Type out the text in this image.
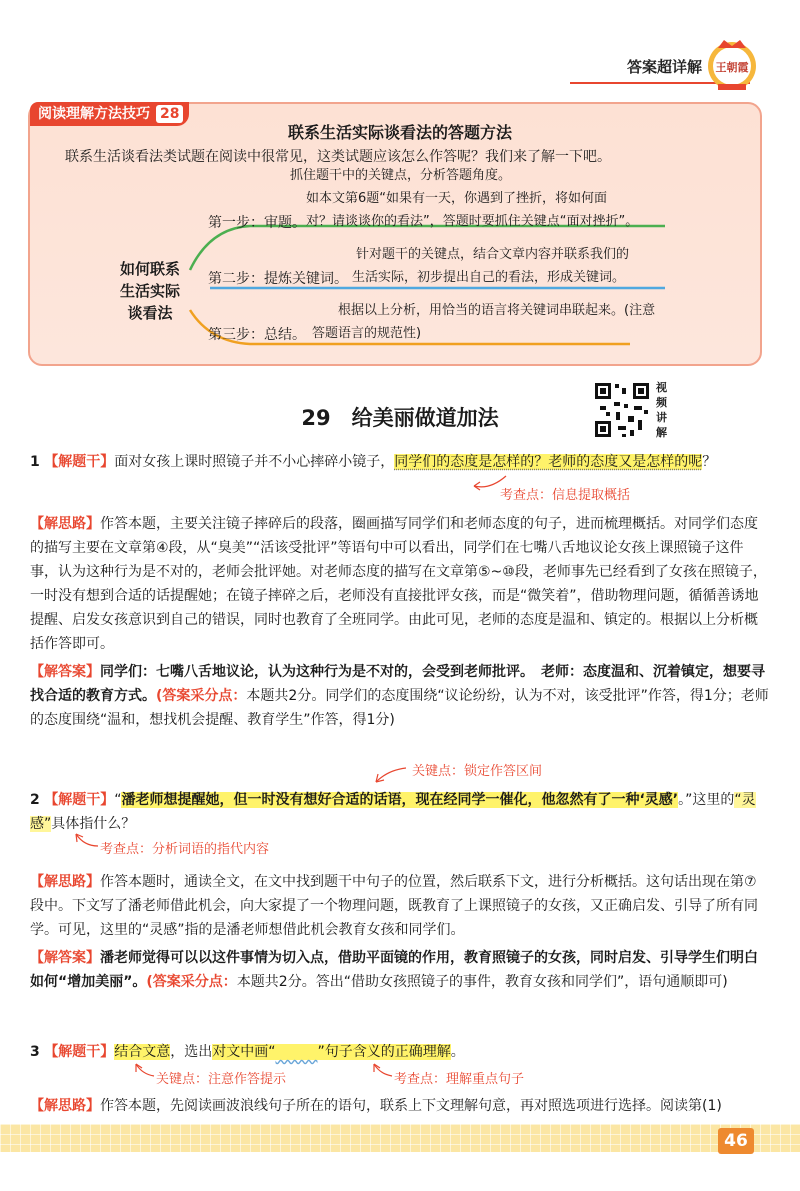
答案超详解 王朝霞
阅读理解方法技巧 28
联系生活实际谈看法的答题方法
联系生活谈看法类试题在阅读中很常见，这类试题应该怎么作答呢？我们来了解一下吧。
如何联系
生活实际
谈看法
抓住题干中的关键点，分析答题角度。
如本文第6题“如果有一天，你遇到了挫折，将如何面
第一步：审题。 对？请谈谈你的看法”，答题时要抓住关键点“面对挫折”。
针对题干的关键点，结合文章内容并联系我们的
第二步：提炼关键词。 生活实际，初步提出自己的看法，形成关键词。
根据以上分析，用恰当的语言将关键词串联起来。(注意
第三步：总结。 答题语言的规范性)
29　 给美丽做道加法
视频讲解
1 【解题干】面对女孩上课时照镜子并不小心摔碎小镜子，同学们的态度是怎样的？老师的态度又是怎样的呢？
考查点：信息提取概括
【解思路】作答本题，主要关注镜子摔碎后的段落，圈画描写同学们和老师态度的句子，进而梳理概括。对同学们态度的描写主要在文章第④段，从“臭美”“活该受批评”等语句中可以看出，同学们在七嘴八舌地议论女孩上课照镜子这件事，认为这种行为是不对的，老师会批评她。对老师态度的描写在文章第⑤~⑩段，老师事先已经看到了女孩在照镜子，一时没有想到合适的话提醒她；在镜子摔碎之后，老师没有直接批评女孩，而是“微笑着”，借助物理问题，循循善诱地提醒、启发女孩意识到自己的错误，同时也教育了全班同学。由此可见，老师的态度是温和、镇定的。根据以上分析概括作答即可。
【解答案】同学们：七嘴八舌地议论，认为这种行为是不对的，会受到老师批评。　老师：态度温和、沉着镇定，想要寻找合适的教育方式。(答案采分点：本题共2分。同学们的态度围绕“议论纷纷，认为不对，该受批评”作答，得1分；老师的态度围绕“温和，想找机会提醒、教育学生”作答，得1分)
关键点：锁定作答区间
2 【解题干】“潘老师想提醒她，但一时没有想好合适的话语，现在经同学一催化，他忽然有了一种‘灵感’。”这里的“灵感”具体指什么？
考查点：分析词语的指代内容
【解思路】作答本题时，通读全文，在文中找到题干中句子的位置，然后联系下文，进行分析概括。这句话出现在第⑦段中。下文写了潘老师借此机会，向大家提了一个物理问题，既教育了上课照镜子的女孩，又正确启发、引导了所有同学。可见，这里的“灵感”指的是潘老师想借此机会教育女孩和同学们。
【解答案】潘老师觉得可以以这件事情为切入点，借助平面镜的作用，教育照镜子的女孩，同时启发、引导学生们明白如何“增加美丽”。(答案采分点：本题共2分。答出“借助女孩照镜子的事件，教育女孩和同学们”，语句通顺即可)
3 【解题干】结合文意，选出对文中画“　　　	”句子含义的正确理解。
关键点：注意作答提示	考查点：理解重点句子
【解思路】作答本题，先阅读画波浪线句子所在的语句，联系上下文理解句意，再对照选项进行选择。阅读第(1)
46
